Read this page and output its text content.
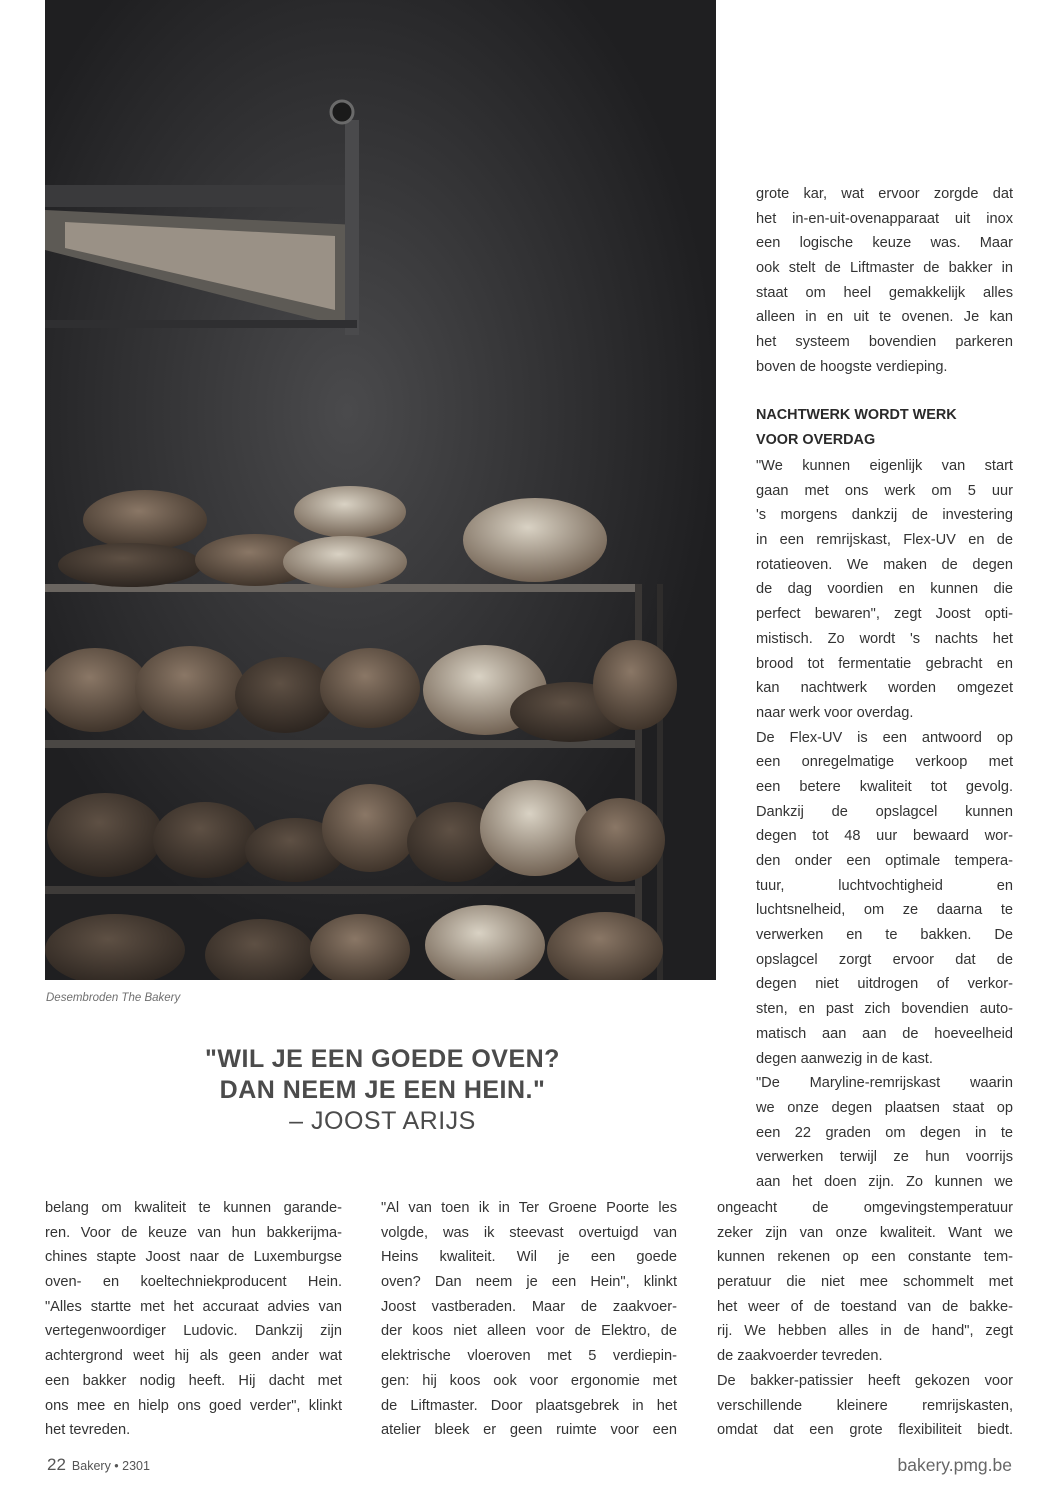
Desembroden The Bakery
"WIL JE EEN GOEDE OVEN?
DAN NEEM JE EEN HEIN."
– JOOST ARIJS
grote kar, wat ervoor zorgde dat
het in-en-uit-ovenapparaat uit inox
een logische keuze was. Maar
ook stelt de Liftmaster de bakker in
staat om heel gemakkelijk alles
alleen in en uit te ovenen. Je kan
het systeem bovendien parkeren
boven de hoogste verdieping.
NACHTWERK WORDT WERK
VOOR OVERDAG
"We kunnen eigenlijk van start
gaan met ons werk om 5 uur
's morgens dankzij de investering
in een remrijskast, Flex-UV en de
rotatieoven. We maken de degen
de dag voordien en kunnen die
perfect bewaren", zegt Joost opti-
mistisch. Zo wordt 's nachts het
brood tot fermentatie gebracht en
kan nachtwerk worden omgezet
naar werk voor overdag.
De Flex-UV is een antwoord op
een onregelmatige verkoop met
een betere kwaliteit tot gevolg.
Dankzij de opslagcel kunnen
degen tot 48 uur bewaard wor-
den onder een optimale tempera-
tuur, luchtvochtigheid en
luchtsnelheid, om ze daarna te
verwerken en te bakken. De
opslagcel zorgt ervoor dat de
degen niet uitdrogen of verkor-
sten, en past zich bovendien auto-
matisch aan aan de hoeveelheid
degen aanwezig in de kast.
"De Maryline-remrijskast waarin
we onze degen plaatsen staat op
een 22 graden om degen in te
verwerken terwijl ze hun voorrijs
aan het doen zijn. Zo kunnen we
ongeacht de omgevingstemperatuur
zeker zijn van onze kwaliteit. Want we
kunnen rekenen op een constante tem-
peratuur die niet mee schommelt met
het weer of de toestand van de bakke-
rij. We hebben alles in de hand", zegt
de zaakvoerder tevreden.
De bakker-patissier heeft gekozen voor
verschillende kleinere remrijskasten,
omdat dat een grote flexibiliteit biedt.
belang om kwaliteit te kunnen garande-
ren. Voor de keuze van hun bakkerijma-
chines stapte Joost naar de Luxemburgse
oven- en koeltechniekproducent Hein.
"Alles startte met het accuraat advies van
vertegenwoordiger Ludovic. Dankzij zijn
achtergrond weet hij als geen ander wat
een bakker nodig heeft. Hij dacht met
ons mee en hielp ons goed verder", klinkt
het tevreden.
"Al van toen ik in Ter Groene Poorte les
volgde, was ik steevast overtuigd van
Heins kwaliteit. Wil je een goede
oven? Dan neem je een Hein", klinkt
Joost vastberaden. Maar de zaakvoer-
der koos niet alleen voor de Elektro, de
elektrische vloeroven met 5 verdiepin-
gen: hij koos ook voor ergonomie met
de Liftmaster. Door plaatsgebrek in het
atelier bleek er geen ruimte voor een
22 Bakery • 2301	bakery.pmg.be
